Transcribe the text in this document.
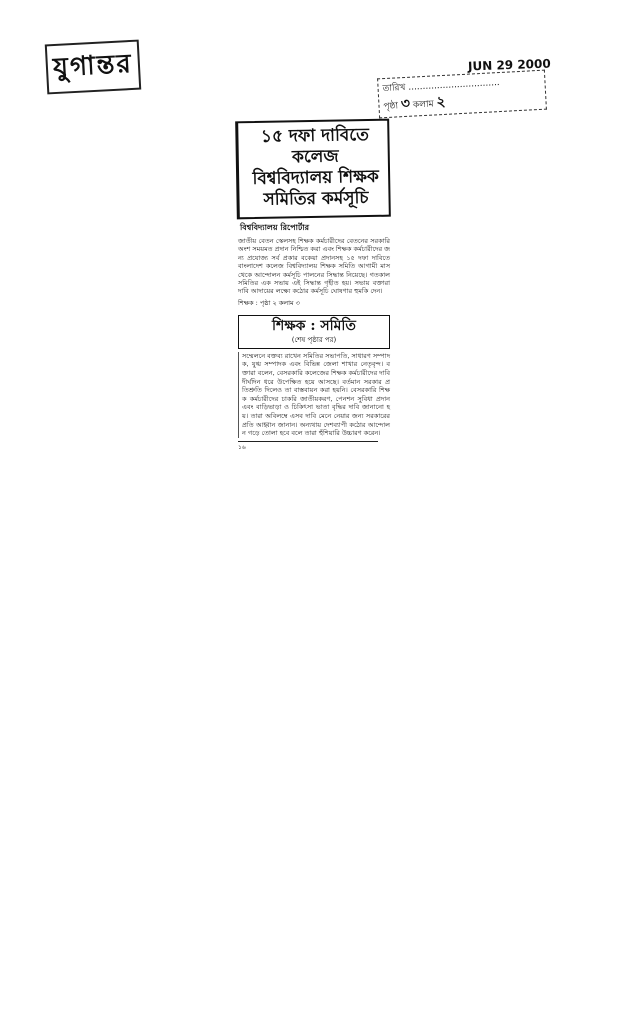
যুগান্তর	JUN 29 2000
তারিখ ................................
পৃষ্ঠা ৩ কলাম ২

১৫ দফা দাবিতে কলেজ

বিশ্ববিদ্যালয় শিক্ষক

সমিতির কর্মসূচি

বিশ্ববিদ্যালয় রিপোর্টার

জাতীয় বেতন স্কেলসহ শিক্ষক কর্মচারীদের বেতনের সরকারি অংশ সময়মত প্রদান নিশ্চিত করা এবং শিক্ষক কর্মচারীদের জন্য প্রযোজ্য সর্ব প্রকার বকেয়া প্রদানসহ ১৫ দফা দাবিতে বাংলাদেশ কলেজ বিশ্ববিদ্যালয় শিক্ষক সমিতি আগামী মাস থেকে আন্দোলন কর্মসূচি পালনের সিদ্ধান্ত নিয়েছে। গতকাল সমিতির এক সভায় এই সিদ্ধান্ত গৃহীত হয়। সভায় বক্তারা দাবি আদায়ের লক্ষ্যে কঠোর কর্মসূচি ঘোষণার হুমকি দেন।

শিক্ষক : পৃষ্ঠা ২ কলাম ৩
শিক্ষক : সমিতি
(শেষ পৃষ্ঠার পর)

সম্মেলনে বক্তব্য রাখেন সমিতির সভাপতি, সাধারণ সম্পাদক, যুগ্ম সম্পাদক এবং বিভিন্ন জেলা শাখার নেতৃবৃন্দ। বক্তারা বলেন, বেসরকারি কলেজের শিক্ষক কর্মচারীদের দাবি দীর্ঘদিন ধরে উপেক্ষিত হয়ে আসছে। বর্তমান সরকার প্রতিশ্রুতি দিলেও তা বাস্তবায়ন করা হয়নি। বেসরকারি শিক্ষক কর্মচারীদের চাকরি জাতীয়করণ, পেনশন সুবিধা প্রদান এবং বাড়িভাড়া ও চিকিৎসা ভাতা বৃদ্ধির দাবি জানানো হয়। তারা অবিলম্বে এসব দাবি মেনে নেয়ার জন্য সরকারের প্রতি আহ্বান জানান। অন্যথায় দেশব্যাপী কঠোর আন্দোলন গড়ে তোলা হবে বলে তারা হুঁশিয়ারি উচ্চারণ করেন।

১৬
